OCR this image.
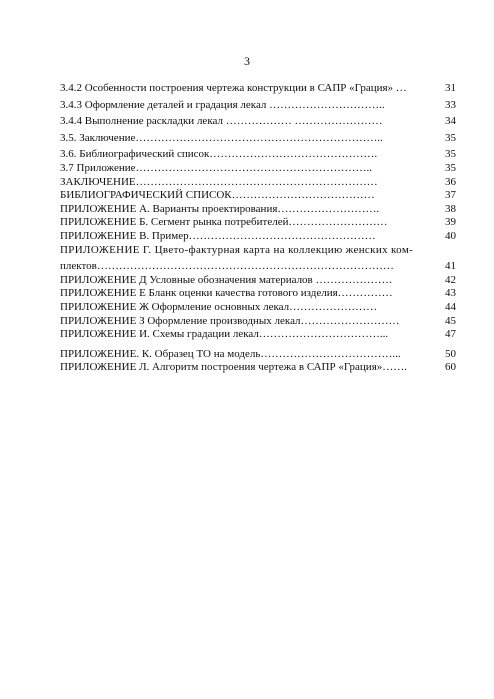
3
3.4.2 Особенности построения чертежа конструкции в САПР «Грация» …	31
3.4.3 Оформление деталей и градация лекал …………………………..	33
3.4.4 Выполнение раскладки лекал ……………… ……………………	34
3.5. Заключение…………………………………………………………..	35
3.6. Библиографический список……………………………………….	35
3.7 Приложение………………………………………………………..	35
ЗАКЛЮЧЕНИЕ…………………………………………………………	36
БИБЛИОГРАФИЧЕСКИЙ СПИСОК…………………………………	37
ПРИЛОЖЕНИЕ А. Варианты проектирования……………………….	38
ПРИЛОЖЕНИЕ Б. Сегмент рынка потребителей………………………	39
ПРИЛОЖЕНИЕ В. Пример……………………………………………	40
ПРИЛОЖЕНИЕ Г. Цвето-фактурная карта на коллекцию женских ком-
плектов………………………………………………………………………	41
ПРИЛОЖЕНИЕ Д Условные обозначения материалов …………………	42
ПРИЛОЖЕНИЕ Е Бланк оценки качества готового изделия……………	43
ПРИЛОЖЕНИЕ Ж Оформление основных лекал……………………	44
ПРИЛОЖЕНИЕ З Оформление производных лекал………………………	45
ПРИЛОЖЕНИЕ И. Схемы градации лекал……………………………...	47
ПРИЛОЖЕНИЕ. К. Образец ТО на модель………………………………...	50
ПРИЛОЖЕНИЕ Л. Алгоритм построения чертежа в САПР «Грация»…….	60
